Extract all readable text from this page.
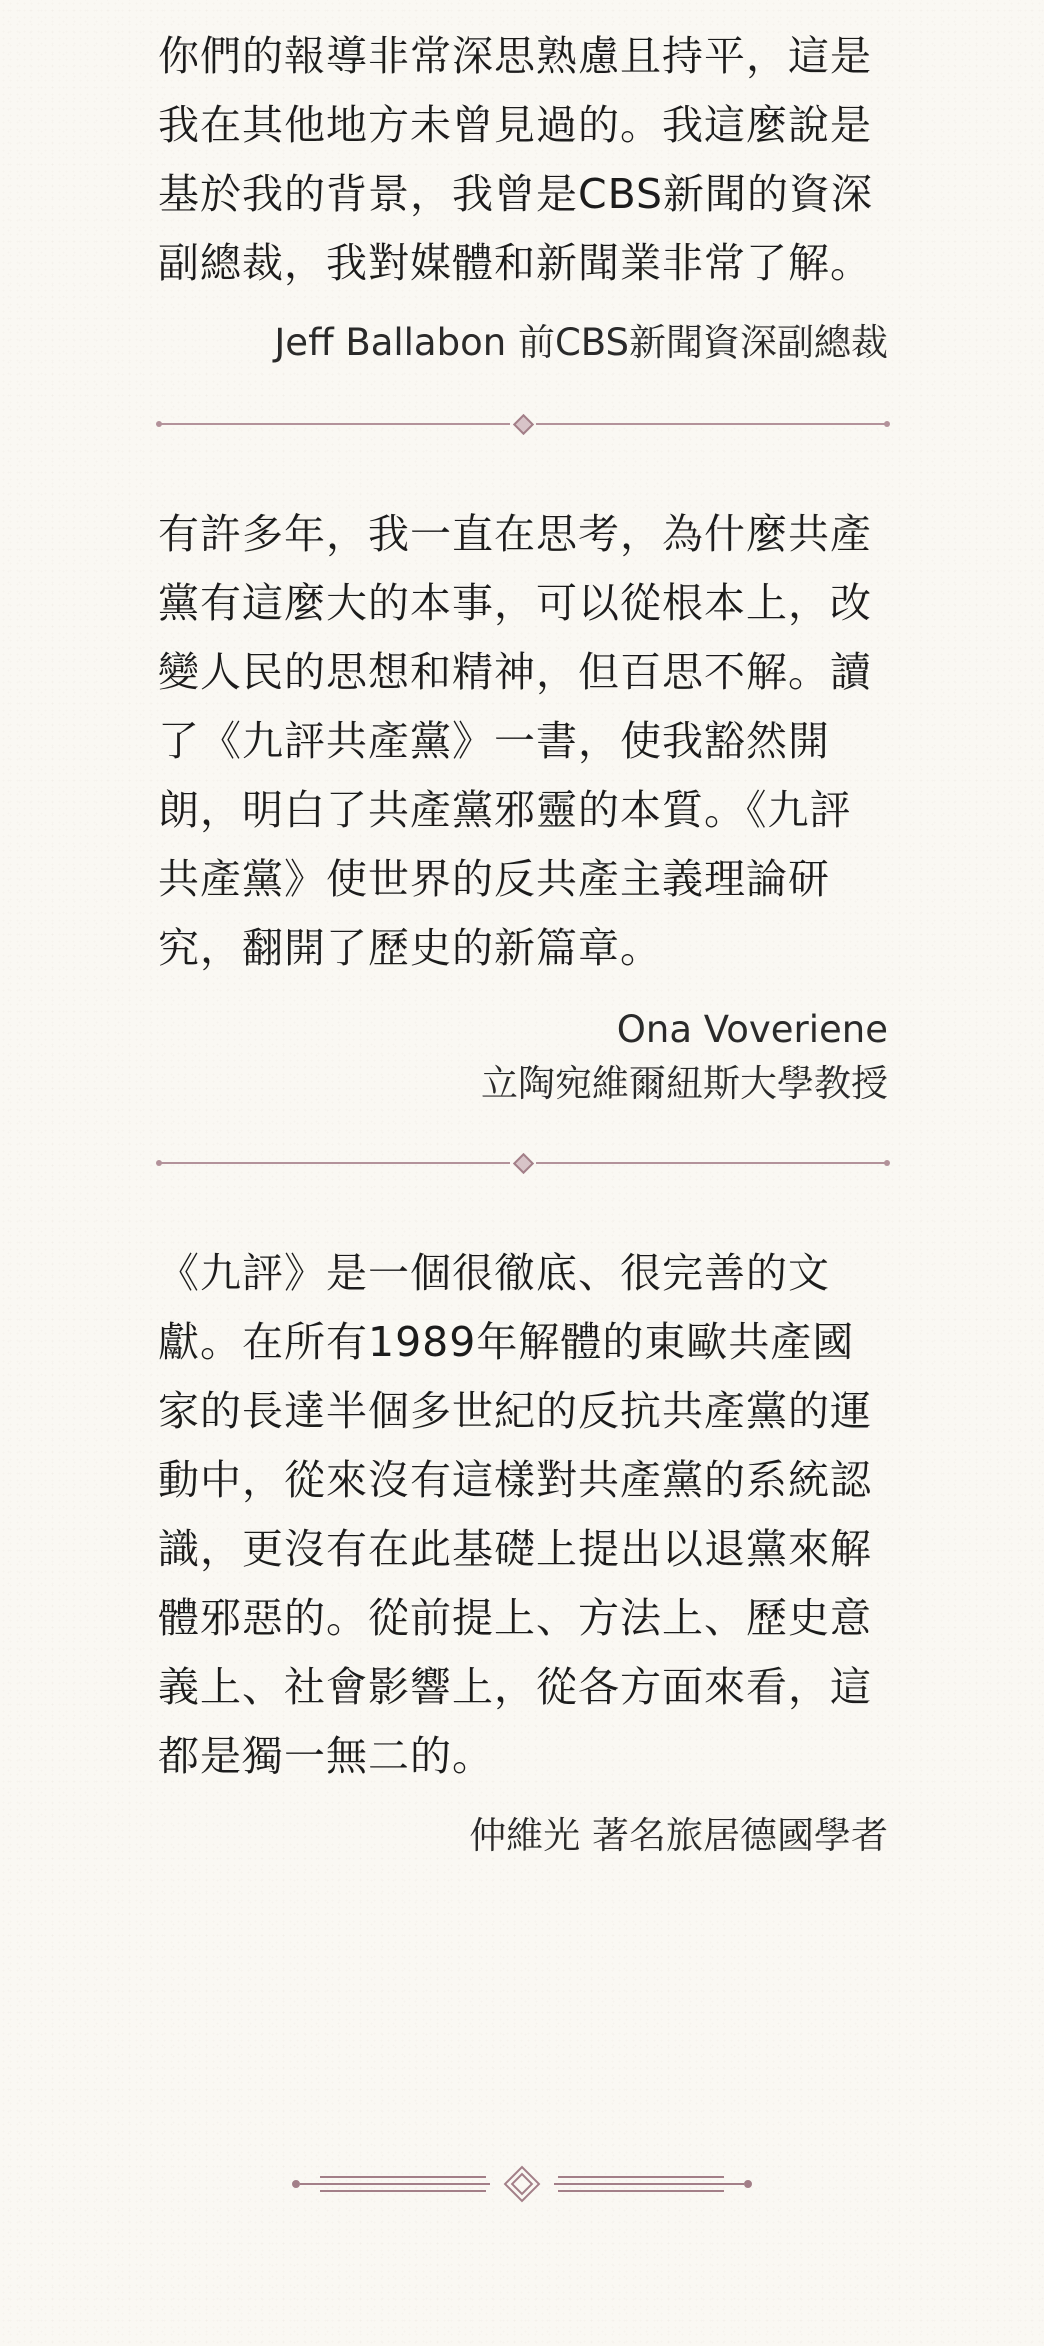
你們的報導非常深思熟慮且持平，這是我在其他地方未曾見過的。我這麼說是基於我的背景，我曾是CBS新聞的資深副總裁，我對媒體和新聞業非常了解。

Jeff Ballabon 前CBS新聞資深副總裁

有許多年，我一直在思考，為什麼共產黨有這麼大的本事，可以從根本上，改變人民的思想和精神，但百思不解。讀了《九評共產黨》一書，使我豁然開朗，明白了共產黨邪靈的本質。《九評共產黨》使世界的反共產主義理論研究，翻開了歷史的新篇章。

Ona Voveriene
立陶宛維爾紐斯大學教授

《九評》是一個很徹底、很完善的文獻。在所有1989年解體的東歐共產國家的長達半個多世紀的反抗共產黨的運動中，從來沒有這樣對共產黨的系統認識，更沒有在此基礎上提出以退黨來解體邪惡的。從前提上、方法上、歷史意義上、社會影響上，從各方面來看，這都是獨一無二的。

仲維光 著名旅居德國學者
